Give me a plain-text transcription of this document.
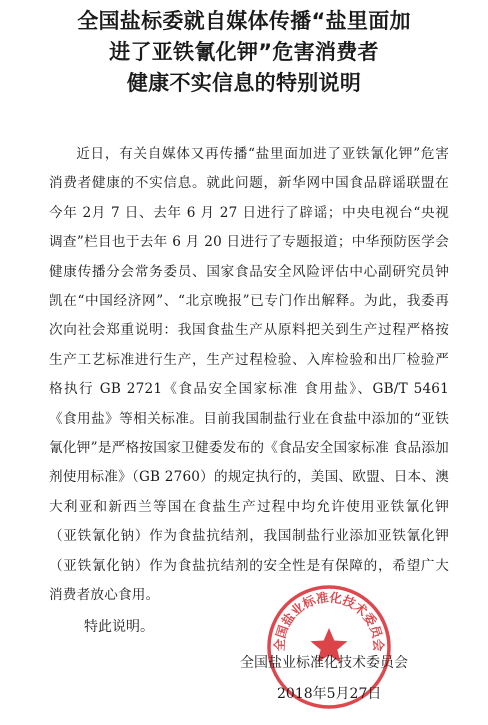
全国盐标委就自媒体传播“盐里面加
进了亚铁氰化钾”危害消费者
健康不实信息的特别说明

近日，有关自媒体又再传播“盐里面加进了亚铁氰化钾”危害消费者健康的不实信息。就此问题，新华网中国食品辟谣联盟在今年 2月 7 日、去年 6 月 27 日进行了辟谣；中央电视台“央视调查”栏目也于去年 6 月 20 日进行了专题报道；中华预防医学会健康传播分会常务委员、国家食品安全风险评估中心副研究员钟凯在“中国经济网”、“北京晚报”已专门作出解释。为此，我委再次向社会郑重说明：我国食盐生产从原料把关到生产过程严格按生产工艺标准进行生产，生产过程检验、入库检验和出厂检验严格执行 GB 2721《食品安全国家标准 食用盐》、GB/T 5461《食用盐》等相关标准。目前我国制盐行业在食盐中添加的“亚铁氰化钾”是严格按国家卫健委发布的《食品安全国家标准 食品添加剂使用标准》（GB 2760）的规定执行的，美国、欧盟、日本、澳大利亚和新西兰等国在食盐生产过程中均允许使用亚铁氰化钾（亚铁氰化钠）作为食盐抗结剂，我国制盐行业添加亚铁氰化钾（亚铁氰化钠）作为食盐抗结剂的安全性是有保障的，希望广大消费者放心食用。

特此说明。
全国盐业标准化技术委员会
全国盐业标准化技术委员会
2018年5月27日
